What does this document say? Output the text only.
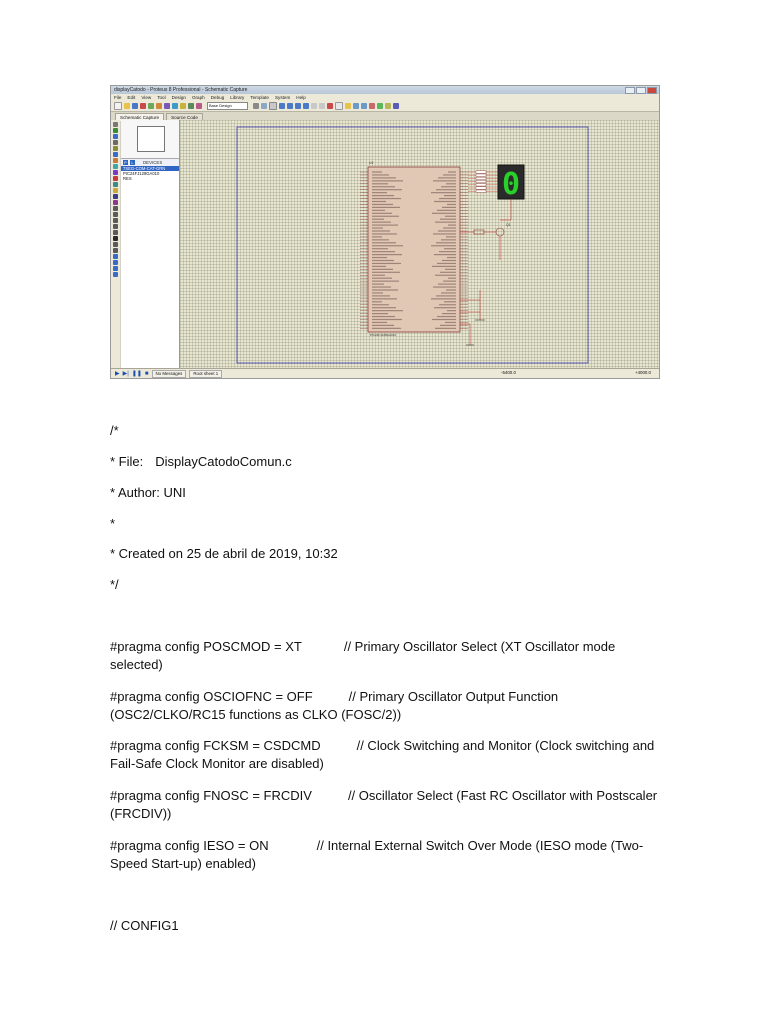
displayCatodo - Proteus 8 Professional - Schematic Capture
File Edit View Tool Design Graph Debug Library Template System Help
Base Design
Schematic Capture	Source Code
P	L	DEVICES
7SEG-COM-CAT-GRN
PIC24FJ128GA010
RES
U1
PIC24FJ128GA010
0
Q1
▶ ▶| ❚❚ ■	No Messages	Root sheet 1	-5400.0	+4000.0
/*
* File: DisplayCatodoComun.c
* Author: UNI
*
* Created on 25 de abril de 2019, 10:32
*/
#pragma config POSCMOD = XT	// Primary Oscillator Select (XT Oscillator mode selected)
#pragma config OSCIOFNC = OFF	// Primary Oscillator Output Function (OSC2/CLKO/RC15 functions as CLKO (FOSC/2))
#pragma config FCKSM = CSDCMD	// Clock Switching and Monitor (Clock switching and Fail-Safe Clock Monitor are disabled)
#pragma config FNOSC = FRCDIV	// Oscillator Select (Fast RC Oscillator with Postscaler (FRCDIV))
#pragma config IESO = ON	// Internal External Switch Over Mode (IESO mode (Two-Speed Start-up) enabled)
// CONFIG1
